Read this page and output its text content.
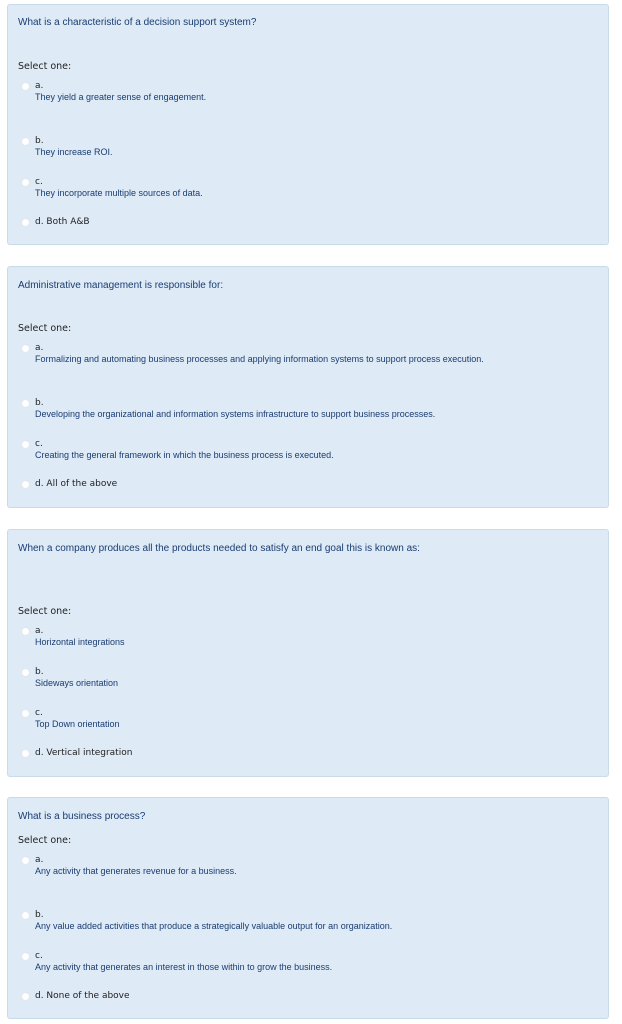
What is a characteristic of a decision support system?
Select one:
a.
They yield a greater sense of engagement.
b.
They increase ROI.
c.
They incorporate multiple sources of data.
d. Both A&B
Administrative management is responsible for:
Select one:
a.
Formalizing and automating business processes and applying information systems to support process execution.
b.
Developing the organizational and information systems infrastructure to support business processes.
c.
Creating the general framework in which the business process is executed.
d. All of the above
When a company produces all the products needed to satisfy an end goal this is known as:
Select one:
a.
Horizontal integrations
b.
Sideways orientation
c.
Top Down orientation
d. Vertical integration
What is a business process?
Select one:
a.
Any activity that generates revenue for a business.
b.
Any value added activities that produce a strategically valuable output for an organization.
c.
Any activity that generates an interest in those within to grow the business.
d. None of the above
